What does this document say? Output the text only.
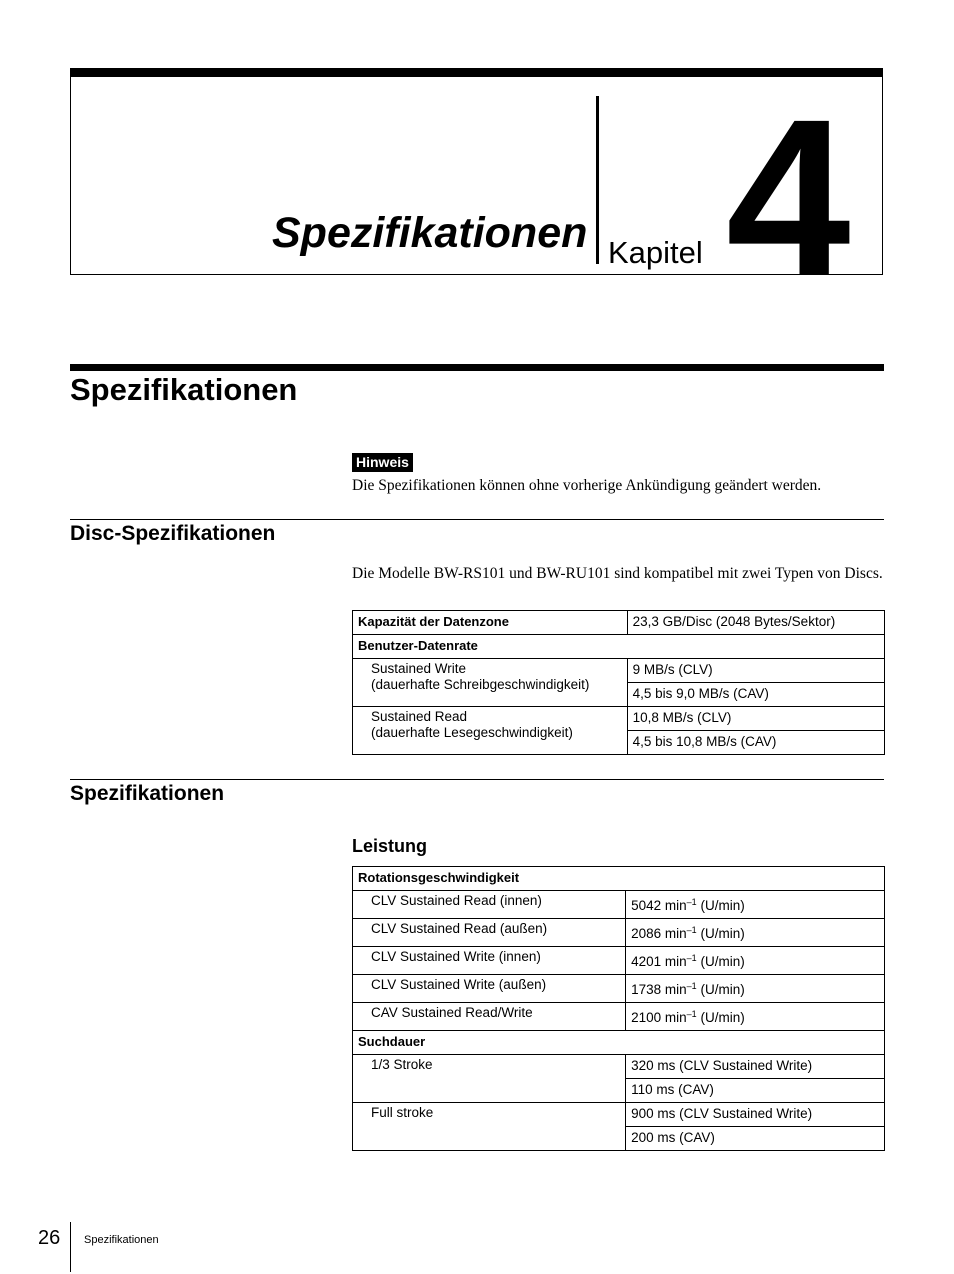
Spezifikationen Kapitel 4
Spezifikationen
Hinweis
Die Spezifikationen können ohne vorherige Ankündigung geändert werden.
Disc-Spezifikationen
Die Modelle BW-RS101 und BW-RU101 sind kompatibel mit zwei Typen von Discs.
Kapazität der Datenzone	23,3 GB/Disc (2048 Bytes/Sektor)
Benutzer-Datenrate	

Sustained Write
(dauerhafte Schreibgeschwindigkeit)	9 MB/s (CLV)
	4,5 bis 9,0 MB/s (CAV)

Sustained Read
(dauerhafte Lesegeschwindigkeit)	10,8 MB/s (CLV)
	4,5 bis 10,8 MB/s (CAV)
Spezifikationen
Leistung
Rotationsgeschwindigkeit	
CLV Sustained Read (innen)	5042 $\min^{-1} (U/\min)$
CLV Sustained Read (außen)	2086 $\min^{-1} (U/\min)$
CLV Sustained Write (innen)	4201 $\min^{-1} (U/\min)$
CLV Sustained Write (außen)	1738 $\min^{-1} (U/\min)$
CAV Sustained Read/Write	2100 $\min^{-1} (U/\min)$
Suchdauer	
1/3 Stroke	320 ms (CLV Sustained Write)
	110 ms (CAV)
Full stroke	900 ms (CLV Sustained Write)
	200 ms (CAV)
26 Spezifikationen
